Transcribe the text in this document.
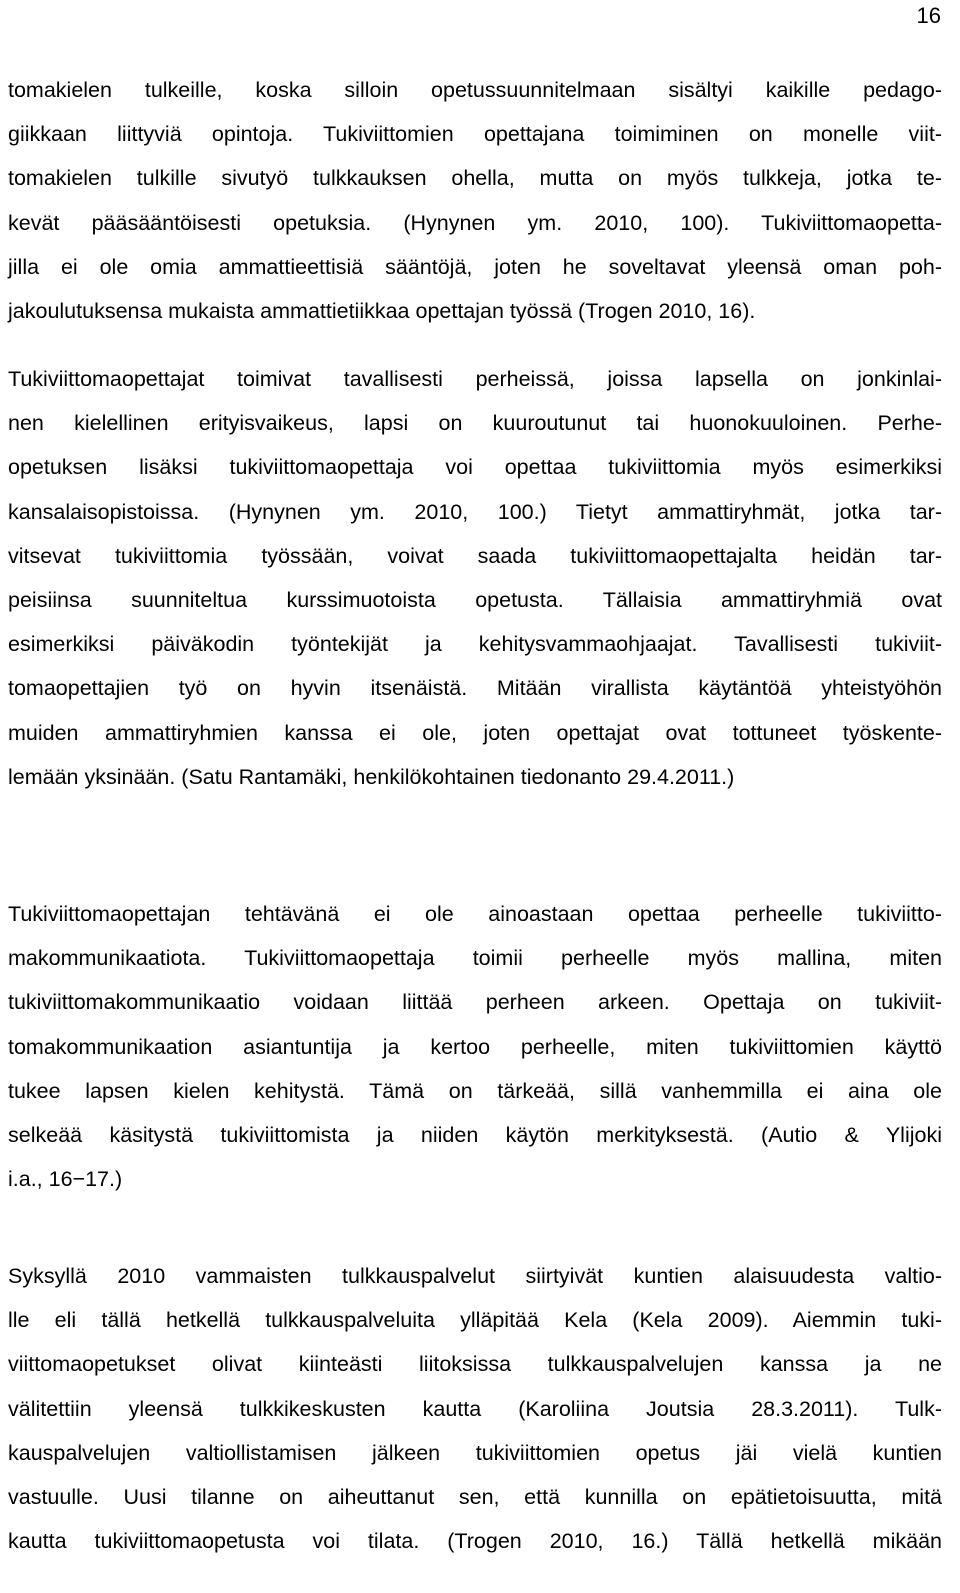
16

tomakielen tulkeille, koska silloin opetussuunnitelmaan sisältyi kaikille pedago-
giikkaan liittyviä opintoja. Tukiviittomien opettajana toimiminen on monelle viit-
tomakielen tulkille sivutyö tulkkauksen ohella, mutta on myös tulkkeja, jotka te-
kevät pääsääntöisesti opetuksia. (Hynynen ym. 2010, 100). Tukiviittomaopetta-
jilla ei ole omia ammattieettisiä sääntöjä, joten he soveltavat yleensä oman poh-
jakoulutuksensa mukaista ammattietiikkaa opettajan työssä (Trogen 2010, 16).

Tukiviittomaopettajat toimivat tavallisesti perheissä, joissa lapsella on jonkinlai-
nen kielellinen erityisvaikeus, lapsi on kuuroutunut tai huonokuuloinen. Perhe-
opetuksen lisäksi tukiviittomaopettaja voi opettaa tukiviittomia myös esimerkiksi
kansalaisopistoissa. (Hynynen ym. 2010, 100.) Tietyt ammattiryhmät, jotka tar-
vitsevat tukiviittomia työssään, voivat saada tukiviittomaopettajalta heidän tar-
peisiinsa suunniteltua kurssimuotoista opetusta. Tällaisia ammattiryhmiä ovat
esimerkiksi päiväkodin työntekijät ja kehitysvammaohjaajat. Tavallisesti tukiviit-
tomaopettajien työ on hyvin itsenäistä. Mitään virallista käytäntöä yhteistyöhön
muiden ammattiryhmien kanssa ei ole, joten opettajat ovat tottuneet työskente-
lemään yksinään. (Satu Rantamäki, henkilökohtainen tiedonanto 29.4.2011.)

Tukiviittomaopettajan tehtävänä ei ole ainoastaan opettaa perheelle tukiviitto-
makommunikaatiota. Tukiviittomaopettaja toimii perheelle myös mallina, miten
tukiviittomakommunikaatio voidaan liittää perheen arkeen. Opettaja on tukiviit-
tomakommunikaation asiantuntija ja kertoo perheelle, miten tukiviittomien käyttö
tukee lapsen kielen kehitystä. Tämä on tärkeää, sillä vanhemmilla ei aina ole
selkeää käsitystä tukiviittomista ja niiden käytön merkityksestä. (Autio & Ylijoki
i.a., 16−17.)

Syksyllä 2010 vammaisten tulkkauspalvelut siirtyivät kuntien alaisuudesta valtio-
lle eli tällä hetkellä tulkkauspalveluita ylläpitää Kela (Kela 2009). Aiemmin tuki-
viittomaopetukset olivat kiinteästi liitoksissa tulkkauspalvelujen kanssa ja ne
välitettiin yleensä tulkkikeskusten kautta (Karoliina Joutsia 28.3.2011). Tulk-
kauspalvelujen valtiollistamisen jälkeen tukiviittomien opetus jäi vielä kuntien
vastuulle. Uusi tilanne on aiheuttanut sen, että kunnilla on epätietoisuutta, mitä
kautta tukiviittomaopetusta voi tilata. (Trogen 2010, 16.) Tällä hetkellä mikään
